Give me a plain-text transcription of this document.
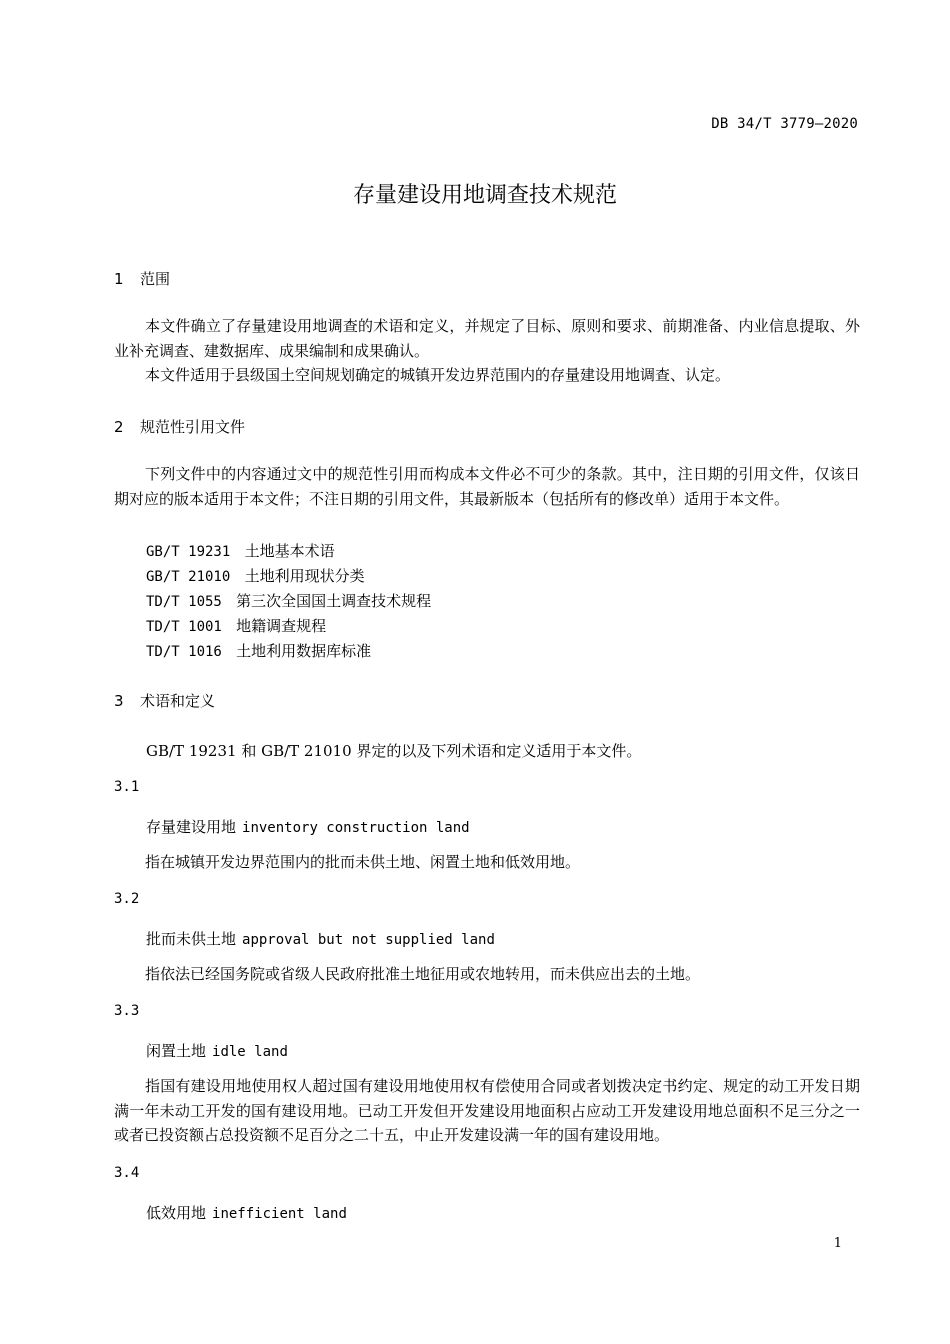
DB 34/T 3779—2020
存量建设用地调查技术规范
1 范围
本文件确立了存量建设用地调查的术语和定义，并规定了目标、原则和要求、前期准备、内业信息提取、外业补充调查、建数据库、成果编制和成果确认。
本文件适用于县级国土空间规划确定的城镇开发边界范围内的存量建设用地调查、认定。
2 规范性引用文件
下列文件中的内容通过文中的规范性引用而构成本文件必不可少的条款。其中，注日期的引用文件，仅该日期对应的版本适用于本文件；不注日期的引用文件，其最新版本（包括所有的修改单）适用于本文件。
GB/T 19231 土地基本术语
GB/T 21010 土地利用现状分类
TD/T 1055 第三次全国国土调查技术规程
TD/T 1001 地籍调查规程
TD/T 1016 土地利用数据库标准
3 术语和定义
GB/T 19231 和 GB/T 21010 界定的以及下列术语和定义适用于本文件。
3.1
存量建设用地 inventory construction land
指在城镇开发边界范围内的批而未供土地、闲置土地和低效用地。
3.2
批而未供土地 approval but not supplied land
指依法已经国务院或省级人民政府批准土地征用或农地转用，而未供应出去的土地。
3.3
闲置土地 idle land
指国有建设用地使用权人超过国有建设用地使用权有偿使用合同或者划拨决定书约定、规定的动工开发日期满一年未动工开发的国有建设用地。已动工开发但开发建设用地面积占应动工开发建设用地总面积不足三分之一或者已投资额占总投资额不足百分之二十五，中止开发建设满一年的国有建设用地。
3.4
低效用地 inefficient land
1
